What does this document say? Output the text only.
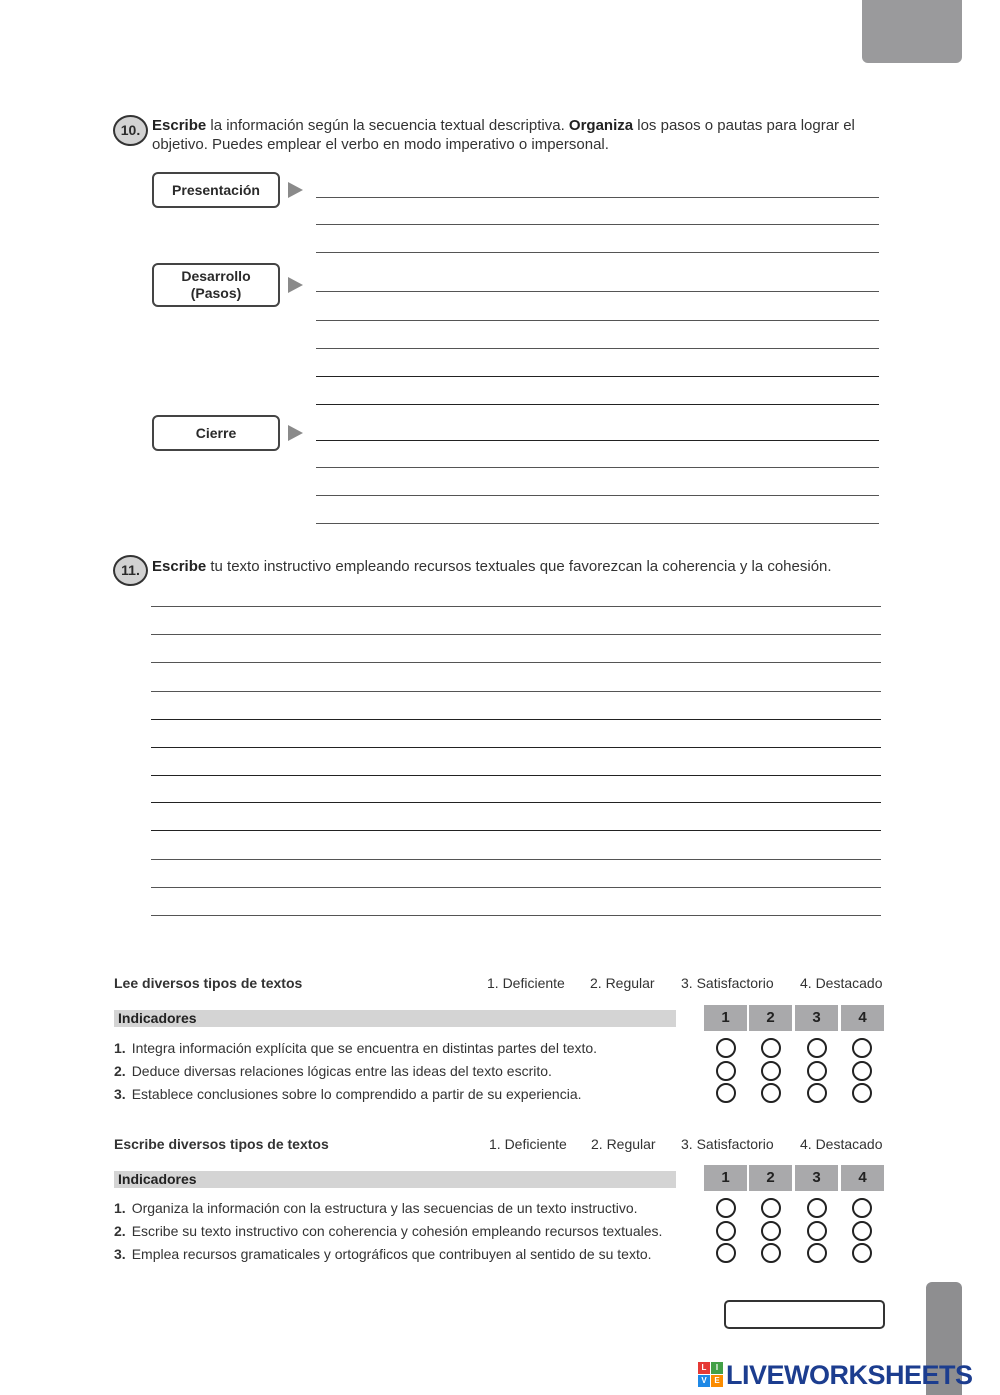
10. Escribe la información según la secuencia textual descriptiva. Organiza los pasos o pautas para lograr el objetivo. Puedes emplear el verbo en modo imperativo o impersonal.
Presentación
Desarrollo
(Pasos)
Cierre
11. Escribe tu texto instructivo empleando recursos textuales que favorezcan la coherencia y la cohesión.
Lee diversos tipos de textos	1. Deficiente 2. Regular 3. Satisfactorio 4. Destacado
Indicadores	1	2	3	4
1. Integra información explícita que se encuentra en distintas partes del texto.
2. Deduce diversas relaciones lógicas entre las ideas del texto escrito.
3. Establece conclusiones sobre lo comprendido a partir de su experiencia.
Escribe diversos tipos de textos	1. Deficiente 2. Regular 3. Satisfactorio 4. Destacado
Indicadores	1	2	3	4
1. Organiza la información con la estructura y las secuencias de un texto instructivo.
2. Escribe su texto instructivo con coherencia y cohesión empleando recursos textuales.
3. Emplea recursos gramaticales y ortográficos que contribuyen al sentido de su texto.
L	I
V E LIVEWORKSHEETS
